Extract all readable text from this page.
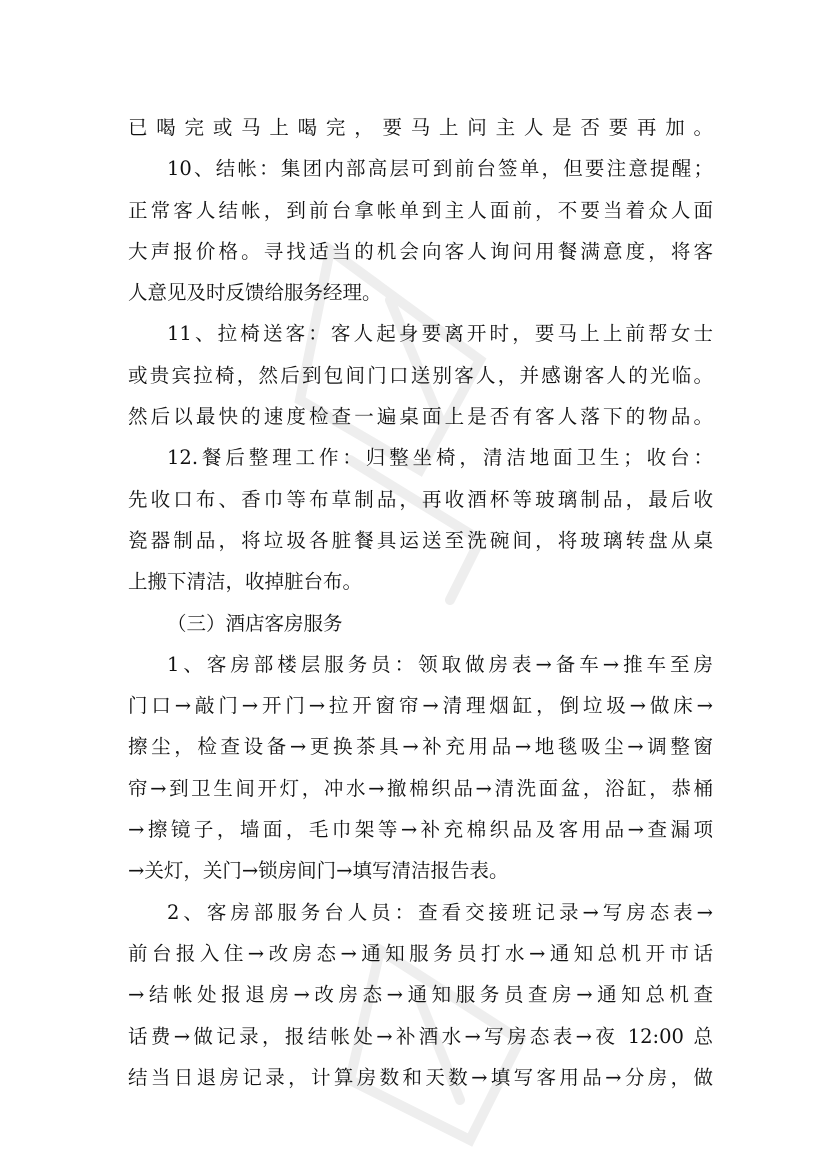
已喝完或马上喝完，要马上问主人是否要再加。
10、结帐：集团内部高层可到前台签单，但要注意提醒；
正常客人结帐，到前台拿帐单到主人面前，不要当着众人面
大声报价格。寻找适当的机会向客人询问用餐满意度，将客
人意见及时反馈给服务经理。
11、拉椅送客：客人起身要离开时，要马上上前帮女士
或贵宾拉椅，然后到包间门口送别客人，并感谢客人的光临。
然后以最快的速度检查一遍桌面上是否有客人落下的物品。
12.餐后整理工作：归整坐椅，清洁地面卫生；收台：
先收口布、香巾等布草制品，再收酒杯等玻璃制品，最后收
瓷器制品，将垃圾各脏餐具运送至洗碗间，将玻璃转盘从桌
上搬下清洁，收掉脏台布。
（三）酒店客房服务
1、客房部楼层服务员：领取做房表→备车→推车至房
门口→敲门→开门→拉开窗帘→清理烟缸，倒垃圾→做床→
擦尘，检查设备→更换茶具→补充用品→地毯吸尘→调整窗
帘→到卫生间开灯，冲水→撤棉织品→清洗面盆，浴缸，恭桶
→擦镜子，墙面，毛巾架等→补充棉织品及客用品→查漏项
→关灯，关门→锁房间门→填写清洁报告表。
2、客房部服务台人员：查看交接班记录→写房态表→
前台报入住→改房态→通知服务员打水→通知总机开市话
→结帐处报退房→改房态→通知服务员查房→通知总机查
话费→做记录，报结帐处→补酒水→写房态表→夜 12:00 总
结当日退房记录，计算房数和天数→填写客用品→分房，做
